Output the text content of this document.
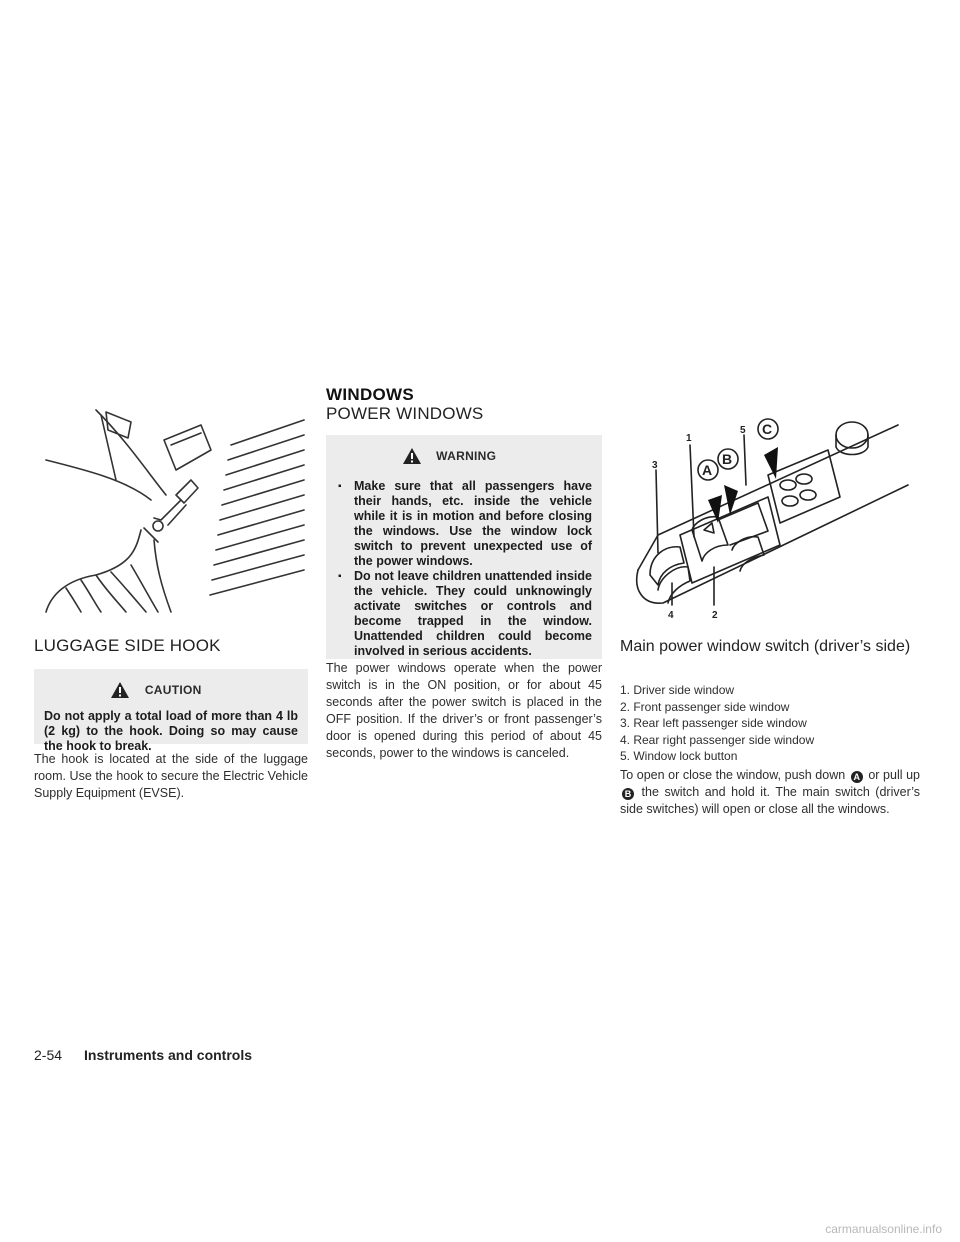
LUGGAGE SIDE HOOK
CAUTION
Do not apply a total load of more than 4 lb (2 kg) to the hook. Doing so may cause the hook to break.
The hook is located at the side of the luggage room. Use the hook to secure the Electric Vehicle Supply Equipment (EVSE).
WINDOWS
POWER WINDOWS
WARNING
▪ Make sure that all passengers have their hands, etc. inside the vehicle while it is in motion and before closing the windows. Use the window lock switch to prevent unexpected use of the power windows.
▪ Do not leave children unattended inside the vehicle. They could unknowingly activate switches or controls and become trapped in the window. Unattended children could become involved in serious accidents.
The power windows operate when the power switch is in the ON position, or for about 45 seconds after the power switch is placed in the OFF position. If the driver’s or front passenger’s door is opened during this period of about 45 seconds, power to the windows is canceled.
1
2
3
4
5
A
B
C
Main power window switch (driver’s side)
1. Driver side window
2. Front passenger side window
3. Rear left passenger side window
4. Rear right passenger side window
5. Window lock button
To open or close the window, push down A or pull up B the switch and hold it. The main switch (driver’s side switches) will open or close all the windows.
2-54 Instruments and controls
carmanualsonline.info
